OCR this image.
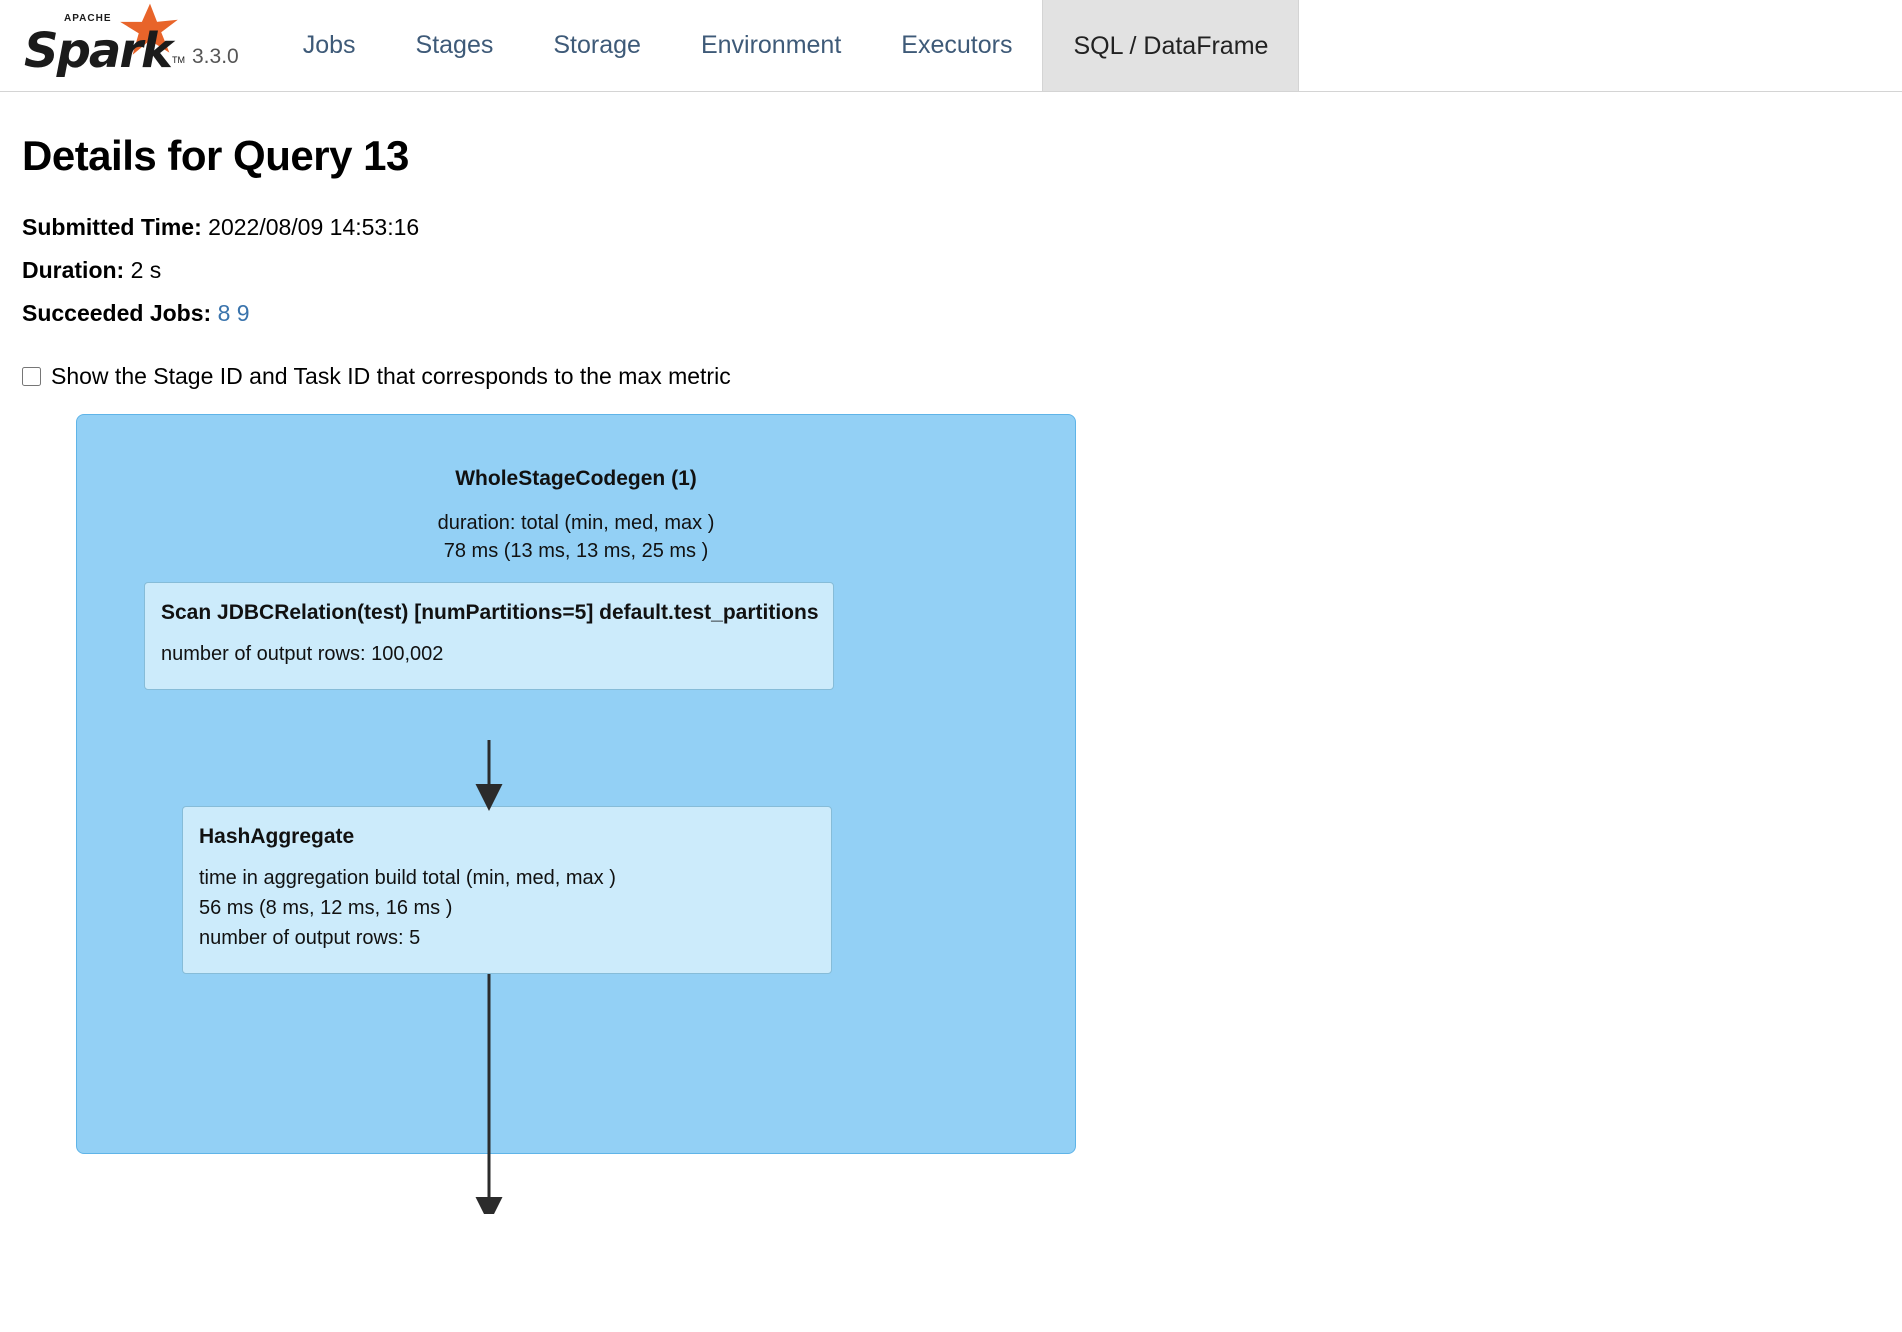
APACHE
Spark TM 3.3.0	Jobs	Stages	Storage	Environment	Executors	SQL / DataFrame
Details for Query 13
Submitted Time: 2022/08/09 14:53:16
Duration: 2 s
Succeeded Jobs: 8 9
Show the Stage ID and Task ID that corresponds to the max metric
WholeStageCodegen (1)
duration: total (min, med, max )
78 ms (13 ms, 13 ms, 25 ms )
Scan JDBCRelation(test) [numPartitions=5] default.test_partitions
number of output rows: 100,002
HashAggregate
time in aggregation build total (min, med, max )
56 ms (8 ms, 12 ms, 16 ms )
number of output rows: 5
